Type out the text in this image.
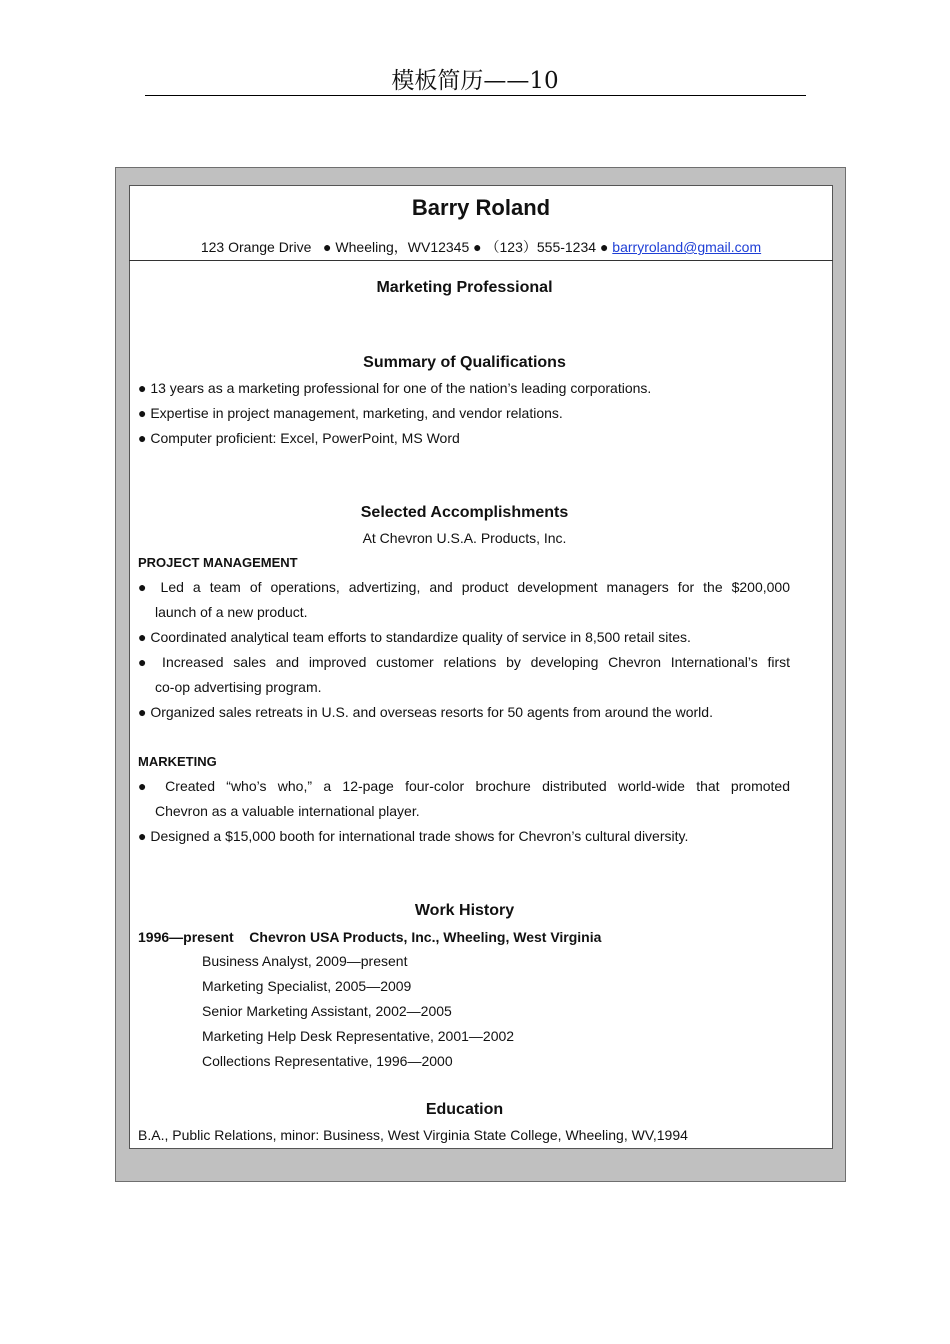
模板简历——10
Barry Roland
123 Orange Drive ● Wheeling，WV12345 ● （123）555-1234 ● barryroland@gmail.com
Marketing Professional
Summary of Qualifications
● 13 years as a marketing professional for one of the nation’s leading corporations.
● Expertise in project management, marketing, and vendor relations.
● Computer proficient: Excel, PowerPoint, MS Word
Selected Accomplishments
At Chevron U.S.A. Products, Inc.
PROJECT MANAGEMENT
● Led a team of operations, advertizing, and product development managers for the $200,000
launch of a new product.
● Coordinated analytical team efforts to standardize quality of service in 8,500 retail sites.
● Increased sales and improved customer relations by developing Chevron International’s first
co-op advertising program.
● Organized sales retreats in U.S. and overseas resorts for 50 agents from around the world.
MARKETING
● Created “who’s who,” a 12-page four-color brochure distributed world-wide that promoted
Chevron as a valuable international player.
● Designed a $15,000 booth for international trade shows for Chevron’s cultural diversity.
Work History
1996—present Chevron USA Products, Inc., Wheeling, West Virginia
Business Analyst, 2009—present
Marketing Specialist, 2005—2009
Senior Marketing Assistant, 2002—2005
Marketing Help Desk Representative, 2001—2002
Collections Representative, 1996—2000
Education
B.A., Public Relations, minor: Business, West Virginia State College, Wheeling, WV,1994
